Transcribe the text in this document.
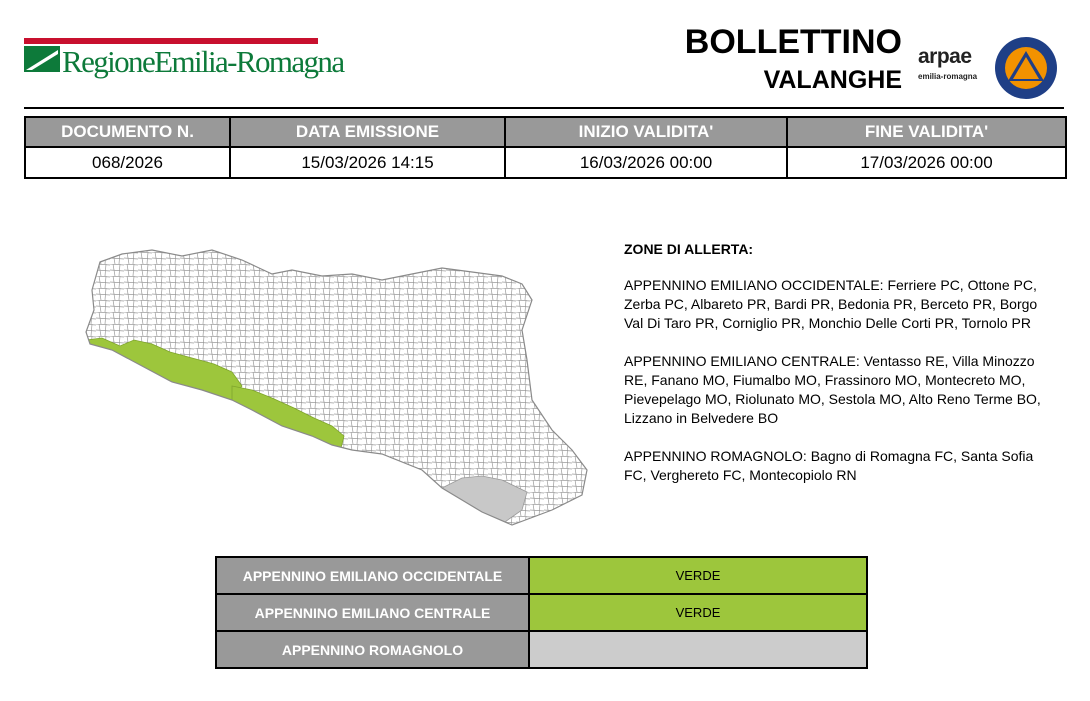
RegioneEmilia-Romagna
BOLLETTINO
VALANGHE
arpae
emilia-romagna
DOCUMENTO N.	DATA EMISSIONE	INIZIO VALIDITA'	FINE VALIDITA'
068/2026	15/03/2026 14:15	16/03/2026 00:00	17/03/2026 00:00
ZONE DI ALLERTA:

APPENNINO EMILIANO OCCIDENTALE: Ferriere PC, Ottone PC, Zerba PC, Albareto PR, Bardi PR, Bedonia PR, Berceto PR, Borgo Val Di Taro PR, Corniglio PR, Monchio Delle Corti PR, Tornolo PR

APPENNINO EMILIANO CENTRALE: Ventasso RE, Villa Minozzo RE, Fanano MO, Fiumalbo MO, Frassinoro MO, Montecreto MO, Pievepelago MO, Riolunato MO, Sestola MO, Alto Reno Terme BO, Lizzano in Belvedere BO

APPENNINO ROMAGNOLO: Bagno di Romagna FC, Santa Sofia FC, Verghereto FC, Montecopiolo RN

APPENNINO EMILIANO OCCIDENTALE	VERDE
APPENNINO EMILIANO CENTRALE	VERDE
APPENNINO ROMAGNOLO	
